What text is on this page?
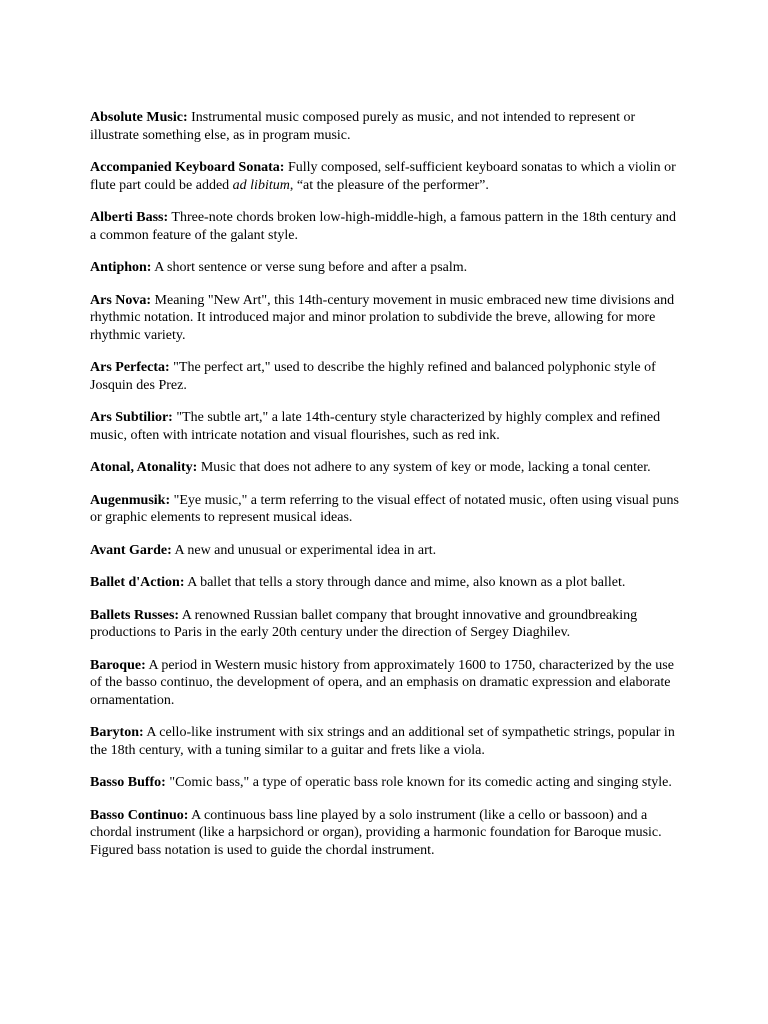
Absolute Music: Instrumental music composed purely as music, and not intended to represent or illustrate something else, as in program music.

Accompanied Keyboard Sonata: Fully composed, self-sufficient keyboard sonatas to which a violin or flute part could be added ad libitum, “at the pleasure of the performer”.

Alberti Bass: Three-note chords broken low-high-middle-high, a famous pattern in the 18th century and a common feature of the galant style.

Antiphon: A short sentence or verse sung before and after a psalm.

Ars Nova: Meaning "New Art", this 14th-century movement in music embraced new time divisions and rhythmic notation. It introduced major and minor prolation to subdivide the breve, allowing for more rhythmic variety.

Ars Perfecta: "The perfect art," used to describe the highly refined and balanced polyphonic style of Josquin des Prez.

Ars Subtilior: "The subtle art," a late 14th-century style characterized by highly complex and refined music, often with intricate notation and visual flourishes, such as red ink.

Atonal, Atonality: Music that does not adhere to any system of key or mode, lacking a tonal center.

Augenmusik: "Eye music," a term referring to the visual effect of notated music, often using visual puns or graphic elements to represent musical ideas.

Avant Garde: A new and unusual or experimental idea in art.

Ballet d'Action: A ballet that tells a story through dance and mime, also known as a plot ballet.

Ballets Russes: A renowned Russian ballet company that brought innovative and groundbreaking productions to Paris in the early 20th century under the direction of Sergey Diaghilev.

Baroque: A period in Western music history from approximately 1600 to 1750, characterized by the use of the basso continuo, the development of opera, and an emphasis on dramatic expression and elaborate ornamentation.

Baryton: A cello-like instrument with six strings and an additional set of sympathetic strings, popular in the 18th century, with a tuning similar to a guitar and frets like a viola.

Basso Buffo: "Comic bass," a type of operatic bass role known for its comedic acting and singing style.

Basso Continuo: A continuous bass line played by a solo instrument (like a cello or bassoon) and a chordal instrument (like a harpsichord or organ), providing a harmonic foundation for Baroque music. Figured bass notation is used to guide the chordal instrument.
